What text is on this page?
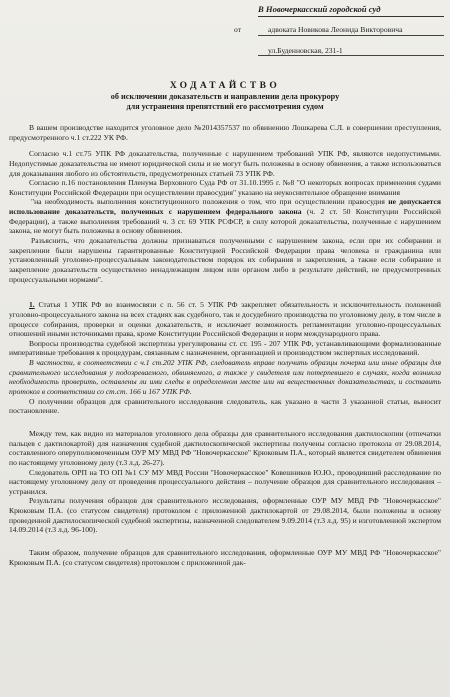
В Новочеркасский городской суд
от	адвоката Новикова Леонида Викторовича
ул.Буденновская, 231-1
ХОДАТАЙСТВО
об исключении доказательств и направлении дела прокурору
для устранения препятствий его рассмотрения судом

В вашем производстве находится уголовное дело №2014357537 по обвинению Лошкарева С.Л. в совершении преступления, предусмотренного ч.1 ст.222 УК РФ.

Согласно ч.1 ст.75 УПК РФ доказательства, полученные с нарушением требований УПК РФ, являются недопустимыми. Недопустимые доказательства не имеют юридической силы и не могут быть положены в основу обвинения, а также использоваться для доказывания любого из обстоятельств, предусмотренных статьей 73 УПК РФ.

Согласно п.16 постановления Пленума Верховного Суда РФ от 31.10.1995 г. №8 "О некоторых вопросах применения судами Конституции Российской Федерации при осуществлении правосудия" указано на неукоснительное обращение внимания

"на необходимость выполнения конституционного положения о том, что при осуществлении правосудия не допускается использование доказательств, полученных с нарушением федерального закона (ч. 2 ст. 50 Конституции Российской Федерации), а также выполнения требований ч. 3 ст. 69 УПК РСФСР, в силу которой доказательства, полученные с нарушением закона, не могут быть положены в основу обвинения.

Разъяснить, что доказательства должны признаваться полученными с нарушением закона, если при их собирании и закреплении были нарушены гарантированные Конституцией Российской Федерации права человека и гражданина или установленный уголовно-процессуальным законодательством порядок их собирания и закрепления, а также если собирание и закрепление доказательств осуществлено ненадлежащим лицом или органом либо в результате действий, не предусмотренных процессуальными нормами".

1. Статья 1 УПК РФ во взаимосвязи с п. 56 ст. 5 УПК РФ закрепляет обязательность и исключительность положений уголовно-процессуального закона на всех стадиях как судебного, так и досудебного производства по уголовному делу, в том числе в процессе собирания, проверки и оценки доказательств, и исключает возможность регламентации уголовно-процессуальных отношений иными источниками права, кроме Конституции Российской Федерации и норм международного права.

Вопросы производства судебной экспертизы урегулированы ст. ст. 195 - 207 УПК РФ, устанавливающими формализованные императивные требования к процедурам, связанным с назначением, организацией и производством экспертных исследований.

В частности, в соответствии с ч.1 ст.202 УПК РФ, следователь вправе получить образцы почерка или иные образцы для сравнительного исследования у подозреваемого, обвиняемого, а также у свидетеля или потерпевшего в случаях, когда возникла необходимость проверить, оставлены ли ими следы в определенном месте или на вещественных доказательствах, и составить протокол в соответствии со ст.ст. 166 и 167 УПК РФ.

О получении образцов для сравнительного исследования следователь, как указано в части 3 указанной статьи, выносит постановление.

Между тем, как видно из материалов уголовного дела образцы для сравнительного исследования дактилоскопии (отпечатки пальцев с дактилокартой) для назначения судебной дактилоскопической экспертизы получены согласно протокола от 29.08.2014, составленного оперуполномоченным ОУР МУ МВД РФ "Новочеркасское" Крюковым П.А., который является свидетелем обвинения по настоящему уголовному делу (т.3 л.д. 26-27).

Следователь ОРП на ТО ОП №1 СУ МУ МВД России "Новочеркасское" Ковешников Ю.Ю., проводивший расследование по настоящему уголовному делу от проведения процессуального действия – получение образцов для сравнительного исследования – устранился.

Результаты получения образцов для сравнительного исследования, оформленные ОУР МУ МВД РФ "Новочеркасское" Крюковым П.А. (со статусом свидетеля) протоколом с приложенной дактилокартой от 29.08.2014, были положены в основу проведенной дактилоскопической судебной экспертизы, назначенной следователем 9.09.2014 (т.3 л.д. 95) и изготовленной экспертом 14.09.2014 (т.3 л.д. 96-100).

Таким образом, получение образцов для сравнительного исследования, оформленные ОУР МУ МВД РФ "Новочеркасское" Крюковым П.А. (со статусом свидетеля) протоколом с приложенной дак-
